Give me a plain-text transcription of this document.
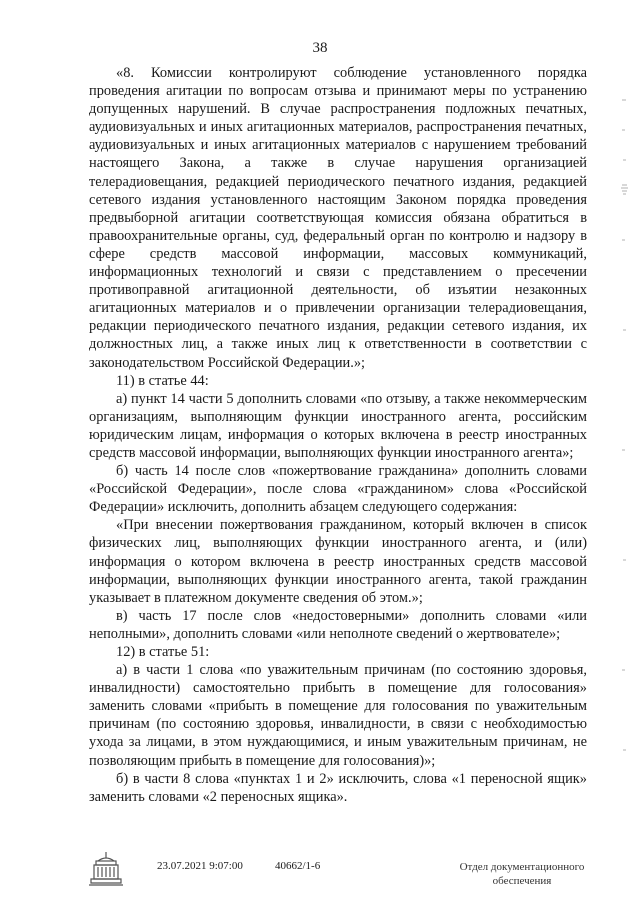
38

«8. Комиссии контролируют соблюдение установленного порядка проведения агитации по вопросам отзыва и принимают меры по устранению допущенных нарушений. В случае распространения подложных печатных, аудиовизуальных и иных агитационных материалов, распространения печатных, аудиовизуальных и иных агитационных материалов с нарушением требований настоящего Закона, а также в случае нарушения организацией телерадиовещания, редакцией периодического печатного издания, редакцией сетевого издания установленного настоящим Законом порядка проведения предвыборной агитации соответствующая комиссия обязана обратиться в правоохранительные органы, суд, федеральный орган по контролю и надзору в сфере средств массовой информации, массовых коммуникаций, информационных технологий и связи с представлением о пресечении противоправной агитационной деятельности, об изъятии незаконных агитационных материалов и о привлечении организации телерадиовещания, редакции периодического печатного издания, редакции сетевого издания, их должностных лиц, а также иных лиц к ответственности в соответствии с законодательством Российской Федерации.»;

11) в статье 44:

а) пункт 14 части 5 дополнить словами «по отзыву, а также некоммерческим организациям, выполняющим функции иностранного агента, российским юридическим лицам, информация о которых включена в реестр иностранных средств массовой информации, выполняющих функции иностранного агента»;

б) часть 14 после слов «пожертвование гражданина» дополнить словами «Российской Федерации», после слова «гражданином» слова «Российской Федерации» исключить, дополнить абзацем следующего содержания:

«При внесении пожертвования гражданином, который включен в список физических лиц, выполняющих функции иностранного агента, и (или) информация о котором включена в реестр иностранных средств массовой информации, выполняющих функции иностранного агента, такой гражданин указывает в платежном документе сведения об этом.»;

в) часть 17 после слов «недостоверными» дополнить словами «или неполными», дополнить словами «или неполноте сведений о жертвователе»;

12) в статье 51:

а) в части 1 слова «по уважительным причинам (по состоянию здоровья, инвалидности) самостоятельно прибыть в помещение для голосования» заменить словами «прибыть в помещение для голосования по уважительным причинам (по состоянию здоровья, инвалидности, в связи с необходимостью ухода за лицами, в этом нуждающимися, и иным уважительным причинам, не позволяющим прибыть в помещение для голосования)»;

б) в части 8 слова «пунктах 1 и 2» исключить, слова «1 переносной ящик» заменить словами «2 переносных ящика».

23.07.2021 9:07:00	40662/1-6	Отдел документационного
обеспечения
